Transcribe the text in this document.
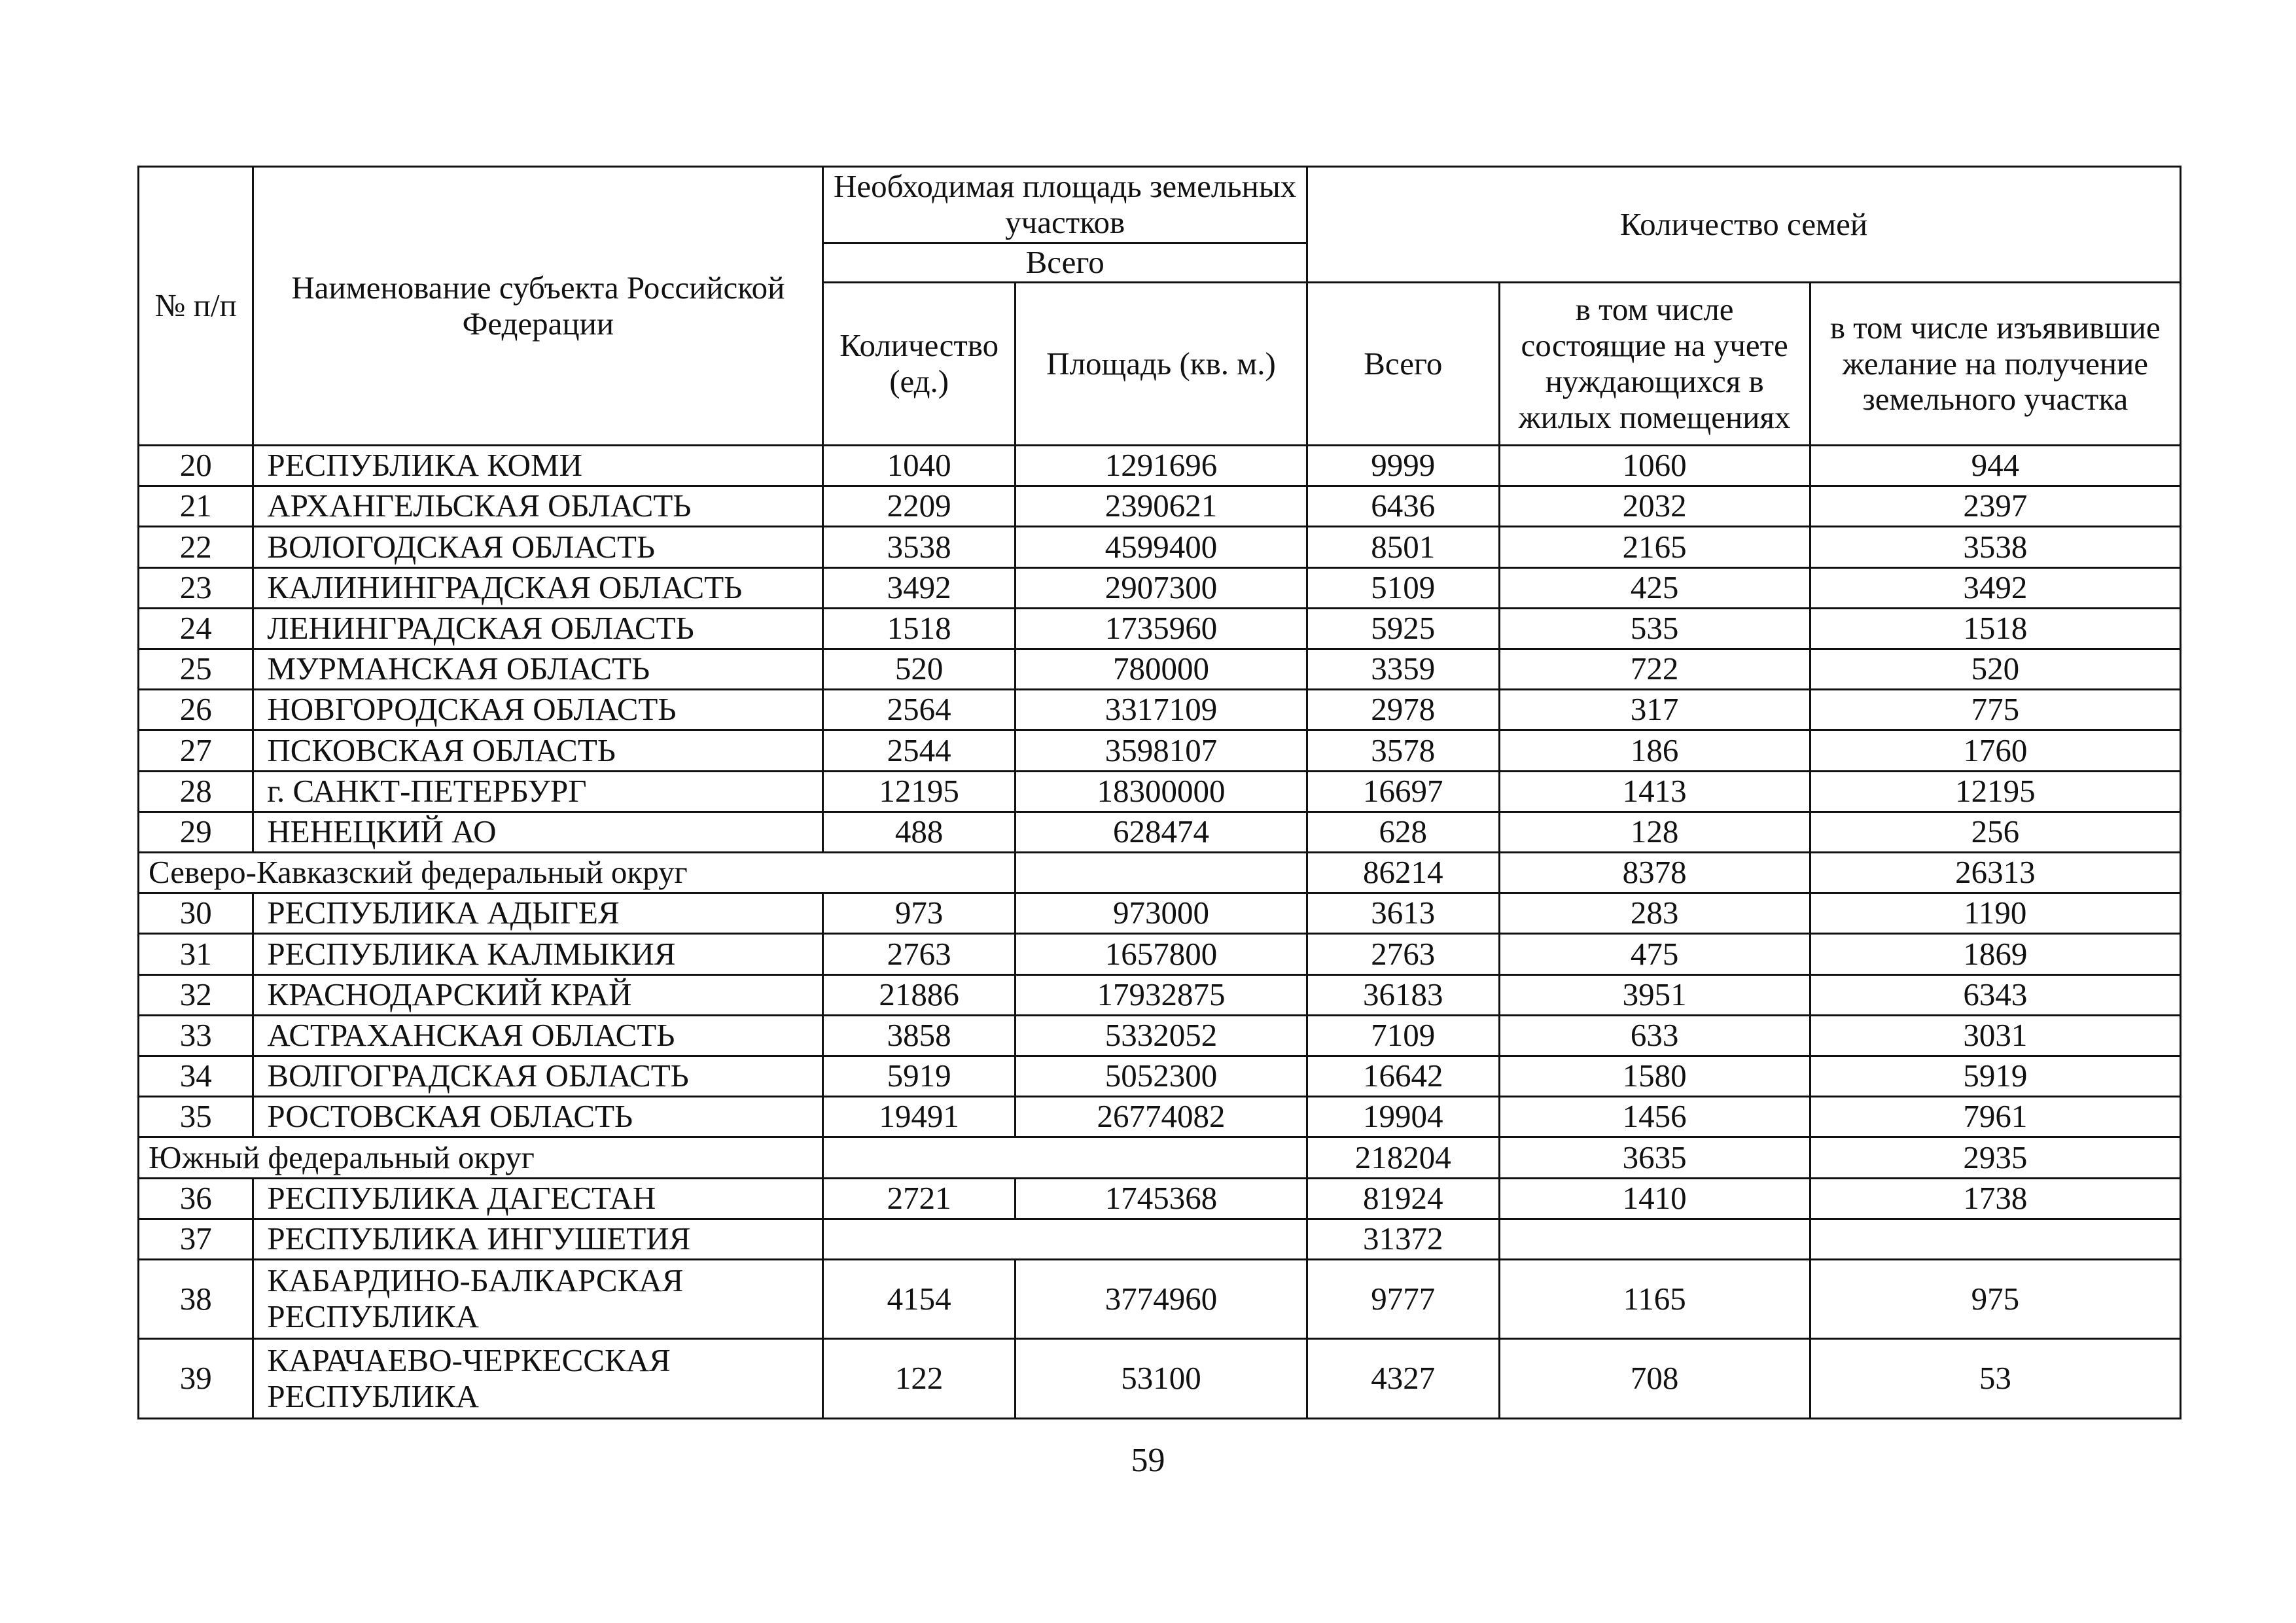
№ п/п	Наименование субъекта Российской Федерации	Необходимая площадь земельных участков		Количество семей		
		Всего				
		Количество (ед.)	Площадь (кв. м.)	Всего	в том числе состоящие на учете нуждающихся в жилых помещениях	в том числе изъявившие желание на получение земельного участка
20	РЕСПУБЛИКА КОМИ	1040	1291696	9999	1060	944
21	АРХАНГЕЛЬСКАЯ ОБЛАСТЬ	2209	2390621	6436	2032	2397
22	ВОЛОГОДСКАЯ ОБЛАСТЬ	3538	4599400	8501	2165	3538
23	КАЛИНИНГРАДСКАЯ ОБЛАСТЬ	3492	2907300	5109	425	3492
24	ЛЕНИНГРАДСКАЯ ОБЛАСТЬ	1518	1735960	5925	535	1518
25	МУРМАНСКАЯ ОБЛАСТЬ	520	780000	3359	722	520
26	НОВГОРОДСКАЯ ОБЛАСТЬ	2564	3317109	2978	317	775
27	ПСКОВСКАЯ ОБЛАСТЬ	2544	3598107	3578	186	1760
28	г. САНКТ-ПЕТЕРБУРГ	12195	18300000	16697	1413	12195
29	НЕНЕЦКИЙ АО	488	628474	628	128	256
Северо-Кавказский федеральный округ				86214	8378	26313
30	РЕСПУБЛИКА АДЫГЕЯ	973	973000	3613	283	1190
31	РЕСПУБЛИКА КАЛМЫКИЯ	2763	1657800	2763	475	1869
32	КРАСНОДАРСКИЙ КРАЙ	21886	17932875	36183	3951	6343
33	АСТРАХАНСКАЯ ОБЛАСТЬ	3858	5332052	7109	633	3031
34	ВОЛГОГРАДСКАЯ ОБЛАСТЬ	5919	5052300	16642	1580	5919
35	РОСТОВСКАЯ ОБЛАСТЬ	19491	26774082	19904	1456	7961
Южный федеральный округ				218204	3635	2935
36	РЕСПУБЛИКА ДАГЕСТАН	2721	1745368	81924	1410	1738
37	РЕСПУБЛИКА ИНГУШЕТИЯ			31372		
38	КАБАРДИНО-БАЛКАРСКАЯ РЕСПУБЛИКА	4154	3774960	9777	1165	975
39	КАРАЧАЕВО-ЧЕРКЕССКАЯ РЕСПУБЛИКА	122	53100	4327	708	53
59
